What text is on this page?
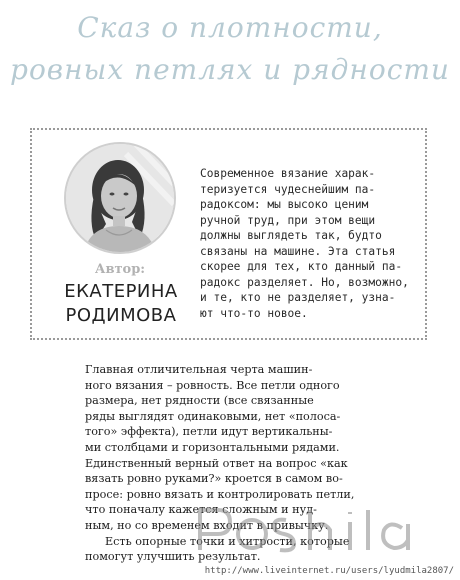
Сказ о плотности,
ровных петлях и рядности
Автор:
ЕКАТЕРИНА
РОДИМОВА
Современное вязание харак-
теризуется чудеснейшим па-
радоксом: мы высоко ценим
ручной труд, при этом вещи
должны выглядеть так, будто
связаны на машине. Эта статья
скорее для тех, кто данный па-
радокс разделяет. Но, возможно,
и те, кто не разделяет, узна-
ют что-то новое.
Главная отличительная черта машин-
ного вязания – ровность. Все петли одного
размера, нет рядности (все связанные
ряды выглядят одинаковыми, нет «полоса-
того» эффекта), петли идут вертикальны-
ми столбцами и горизонтальными рядами.
Единственный верный ответ на вопрос «как
вязать ровно руками?» кроется в самом во-
просе: ровно вязать и контролировать петли,
что поначалу кажется сложным и нуд-
ным, но со временем входит в привычку.
Есть опорные точки и хитрости, которые
помогут улучшить результат.
http://www.liveinternet.ru/users/lyudmila2807/
